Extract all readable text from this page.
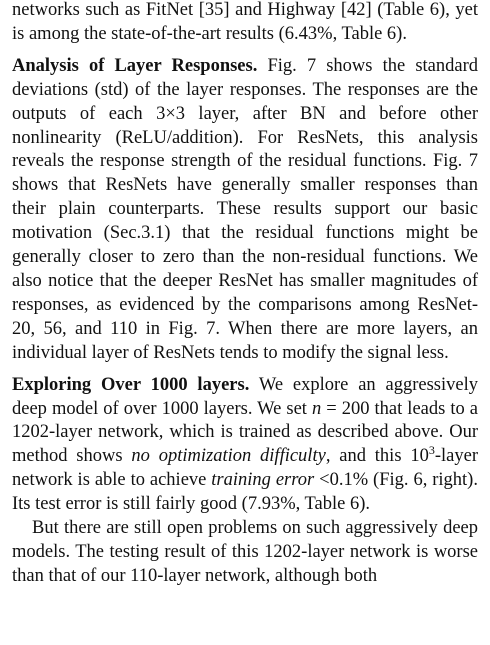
networks such as FitNet [35] and Highway [42] (Table 6), yet is among the state-of-the-art results (6.43%, Table 6).

Analysis of Layer Responses. Fig. 7 shows the standard deviations (std) of the layer responses. The responses are the outputs of each 3×3 layer, after BN and before other nonlinearity (ReLU/addition). For ResNets, this analysis reveals the response strength of the residual functions. Fig. 7 shows that ResNets have generally smaller responses than their plain counterparts. These results support our basic motivation (Sec.3.1) that the residual functions might be generally closer to zero than the non-residual functions. We also notice that the deeper ResNet has smaller magnitudes of responses, as evidenced by the comparisons among ResNet-20, 56, and 110 in Fig. 7. When there are more layers, an individual layer of ResNets tends to modify the signal less.

Exploring Over 1000 layers. We explore an aggressively deep model of over 1000 layers. We set n = 200 that leads to a 1202-layer network, which is trained as described above. Our method shows no optimization difficulty, and this $10^3$-layer network is able to achieve training error <0.1% (Fig. 6, right). Its test error is still fairly good (7.93%, Table 6).

But there are still open problems on such aggressively deep models. The testing result of this 1202-layer network is worse than that of our 110-layer network, although both
